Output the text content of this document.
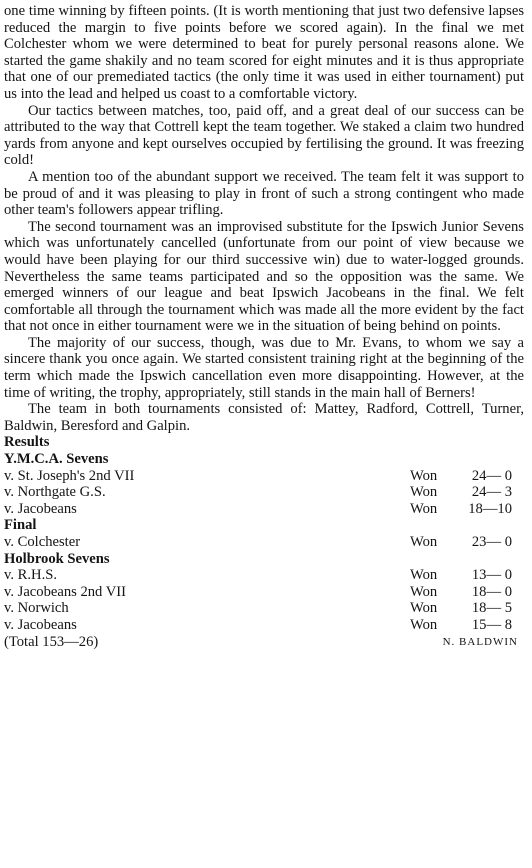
one time winning by fifteen points. (It is worth mentioning that just two defensive lapses reduced the margin to five points before we scored again). In the final we met Colchester whom we were determined to beat for purely personal reasons alone. We started the game shakily and no team scored for eight minutes and it is thus appropriate that one of our premediated tactics (the only time it was used in either tournament) put us into the lead and helped us coast to a comfortable victory.

Our tactics between matches, too, paid off, and a great deal of our success can be attributed to the way that Cottrell kept the team together. We staked a claim two hundred yards from anyone and kept ourselves occupied by fertilising the ground. It was freezing cold!

A mention too of the abundant support we received. The team felt it was support to be proud of and it was pleasing to play in front of such a strong contingent who made other team's followers appear trifling.

The second tournament was an improvised substitute for the Ipswich Junior Sevens which was unfortunately cancelled (unfortunate from our point of view because we would have been playing for our third successive win) due to water-logged grounds. Nevertheless the same teams participated and so the opposition was the same. We emerged winners of our league and beat Ipswich Jacobeans in the final. We felt comfortable all through the tournament which was made all the more evident by the fact that not once in either tournament were we in the situation of being behind on points.

The majority of our success, though, was due to Mr. Evans, to whom we say a sincere thank you once again. We started consistent training right at the beginning of the term which made the Ipswich cancellation even more disappointing. However, at the time of writing, the trophy, appropriately, still stands in the main hall of Berners!

The team in both tournaments consisted of: Mattey, Radford, Cottrell, Turner, Baldwin, Beresford and Galpin.

Results

Y.M.C.A. Sevens

v. St. Joseph's 2nd VII	Won	24— 0
v. Northgate G.S.	Won	24— 3
v. Jacobeans	Won	18—10

Final

v. Colchester	Won	23— 0

Holbrook Sevens

v. R.H.S.	Won	13— 0
v. Jacobeans 2nd VII	Won	18— 0
v. Norwich	Won	18— 5
v. Jacobeans	Won	15— 8
(Total 153—26)	N. BALDWIN
